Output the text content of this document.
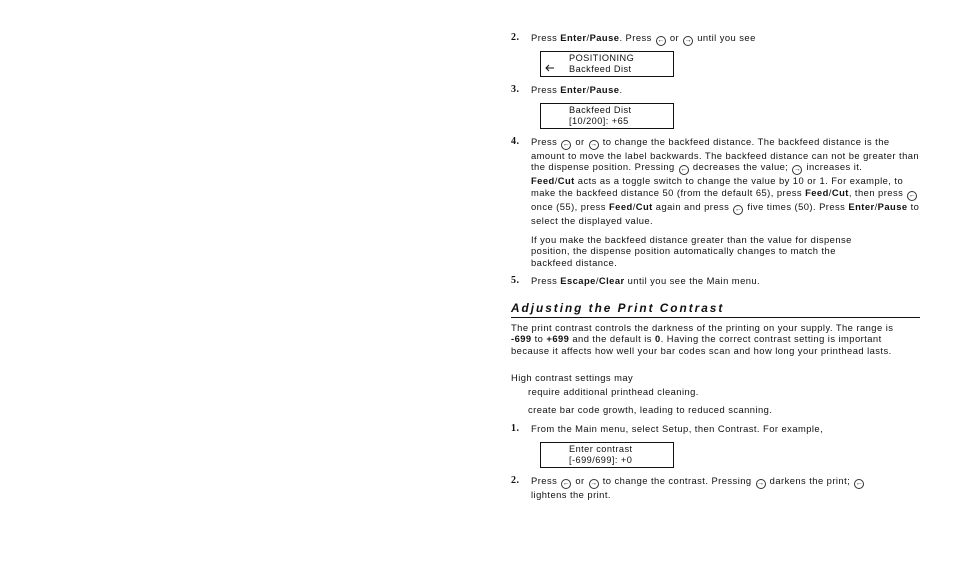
2. Press Enter/Pause. Press ← or → until you see
POSITIONING
Backfeed Dist
3. Press Enter/Pause.
Backfeed Dist
[10/200]: +65
4. Press ← or → to change the backfeed distance. The backfeed distance is the amount to move the label backwards. The backfeed distance can not be greater than the dispense position. Pressing ← decreases the value; → increases it.
Feed/Cut acts as a toggle switch to change the value by 10 or 1. For example, to make the backfeed distance 50 (from the default 65), press Feed/Cut, then press ← once (55), press Feed/Cut again and press ← five times (50). Press Enter/Pause to select the displayed value.
If you make the backfeed distance greater than the value for dispense position, the dispense position automatically changes to match the backfeed distance.
5. Press Escape/Clear until you see the Main menu.
Adjusting the Print Contrast
The print contrast controls the darkness of the printing on your supply. The range is -699 to +699 and the default is 0. Having the correct contrast setting is important because it affects how well your bar codes scan and how long your printhead lasts.
High contrast settings may
require additional printhead cleaning.
create bar code growth, leading to reduced scanning.
1. From the Main menu, select Setup, then Contrast. For example,
Enter contrast
[-699/699]: +0
2. Press ← or → to change the contrast. Pressing → darkens the print; ← lightens the print.
